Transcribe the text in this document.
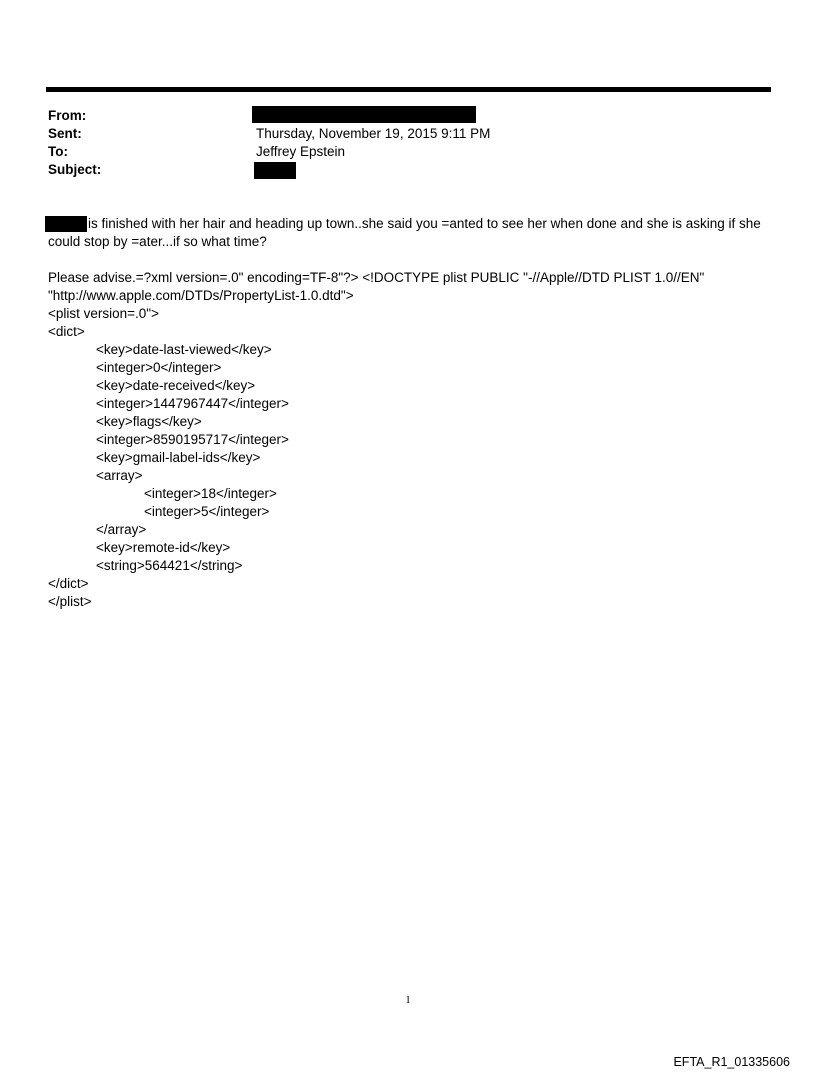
From:
Sent:	Thursday, November 19, 2015 9:11 PM
To:	Jeffrey Epstein
Subject:
is finished with her hair and heading up town..she said you =anted to see her when done and she is asking if she
could stop by =ater...if so what time?
Please advise.=?xml version=.0" encoding=TF-8"?> <!DOCTYPE plist PUBLIC "-//Apple//DTD PLIST 1.0//EN"
"http://www.apple.com/DTDs/PropertyList-1.0.dtd">
<plist version=.0">
<dict>
<key>date-last-viewed</key>
<integer>0</integer>
<key>date-received</key>
<integer>1447967447</integer>
<key>flags</key>
<integer>8590195717</integer>
<key>gmail-label-ids</key>
<array>
<integer>18</integer>
<integer>5</integer>
</array>
<key>remote-id</key>
<string>564421</string>
</dict>
</plist>
1
EFTA_R1_01335606
